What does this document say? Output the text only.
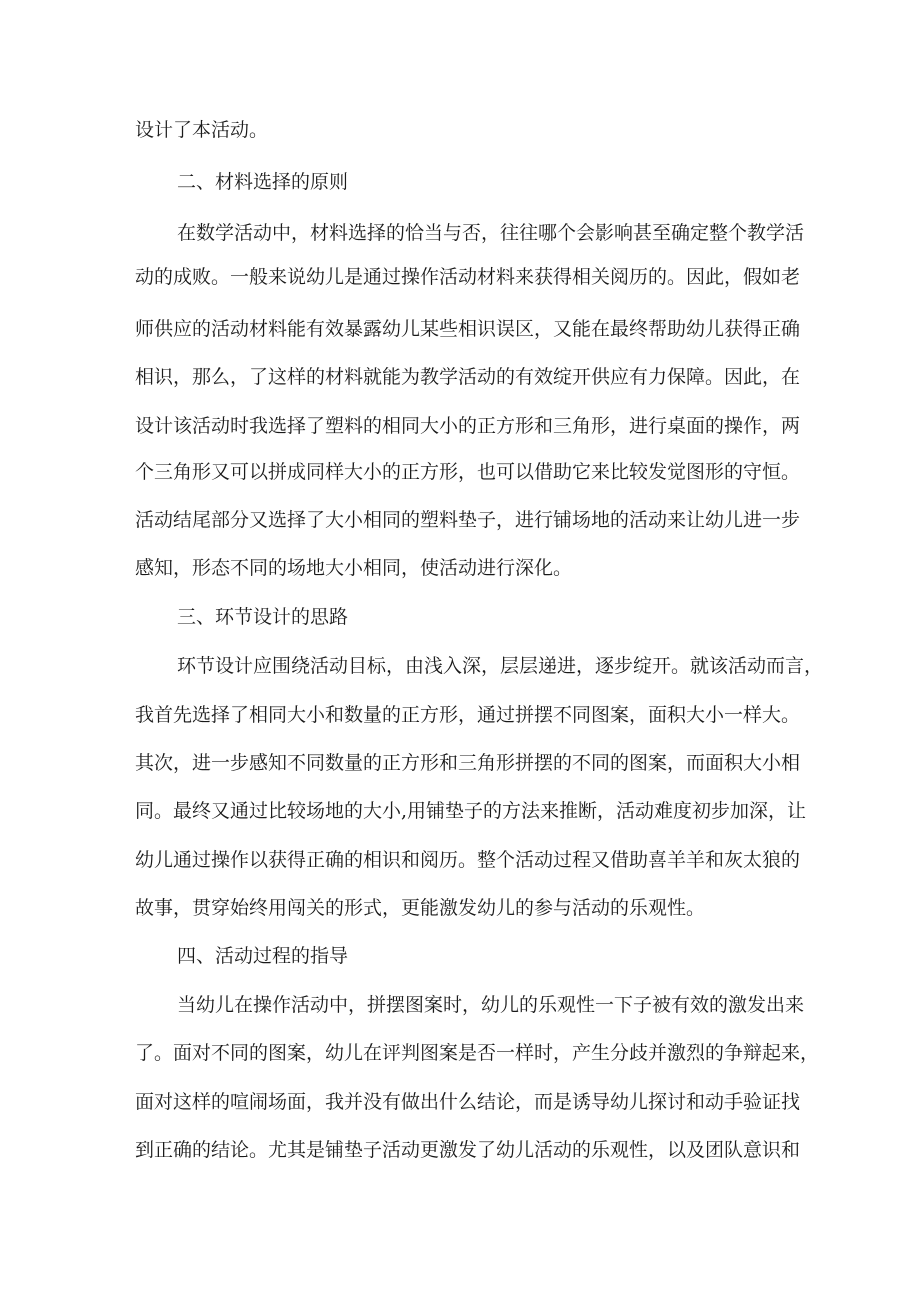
设计了本活动。
二、材料选择的原则
在数学活动中，材料选择的恰当与否，往往哪个会影响甚至确定整个教学活
动的成败。一般来说幼儿是通过操作活动材料来获得相关阅历的。因此，假如老
师供应的活动材料能有效暴露幼儿某些相识误区，又能在最终帮助幼儿获得正确
相识，那么，了这样的材料就能为教学活动的有效绽开供应有力保障。因此，在
设计该活动时我选择了塑料的相同大小的正方形和三角形，进行桌面的操作，两
个三角形又可以拼成同样大小的正方形，也可以借助它来比较发觉图形的守恒。
活动结尾部分又选择了大小相同的塑料垫子，进行铺场地的活动来让幼儿进一步
感知，形态不同的场地大小相同，使活动进行深化。
三、环节设计的思路
环节设计应围绕活动目标，由浅入深，层层递进，逐步绽开。就该活动而言，
我首先选择了相同大小和数量的正方形，通过拼摆不同图案，面积大小一样大。
其次，进一步感知不同数量的正方形和三角形拼摆的不同的图案，而面积大小相
同。最终又通过比较场地的大小,用铺垫子的方法来推断，活动难度初步加深，让
幼儿通过操作以获得正确的相识和阅历。整个活动过程又借助喜羊羊和灰太狼的
故事，贯穿始终用闯关的形式，更能激发幼儿的参与活动的乐观性。
四、活动过程的指导
当幼儿在操作活动中，拼摆图案时，幼儿的乐观性一下子被有效的激发出来
了。面对不同的图案，幼儿在评判图案是否一样时，产生分歧并激烈的争辩起来，
面对这样的喧闹场面，我并没有做出什么结论，而是诱导幼儿探讨和动手验证找
到正确的结论。尤其是铺垫子活动更激发了幼儿活动的乐观性，以及团队意识和
